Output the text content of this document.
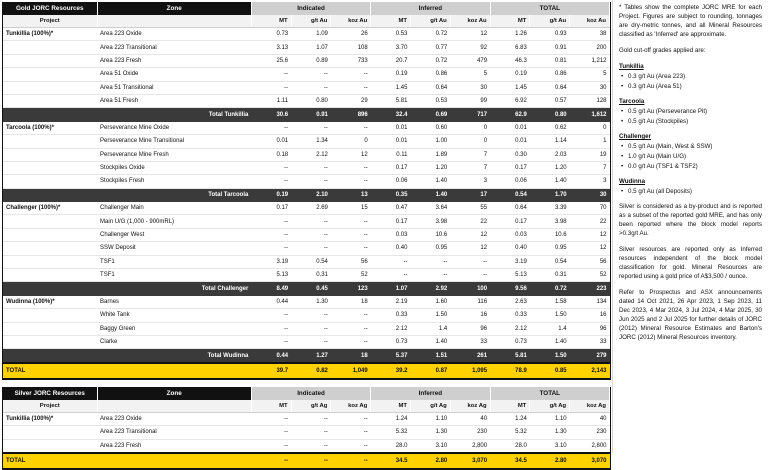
Gold JORC Resources	Zone	Indicated			Inferred			TOTAL		
Project		MT	g/t Au	koz Au	MT	g/t Au	koz Au	MT	g/t Au	koz Au
Tunkillia (100%)*	Area 223 Oxide	0.73	1.09	26	0.53	0.72	12	1.26	0.93	38
	Area 223 Transitional	3.13	1.07	108	3.70	0.77	92	6.83	0.91	200
	Area 223 Fresh	25.6	0.89	733	20.7	0.72	479	46.3	0.81	1,212
	Area 51 Oxide	--	--	--	0.19	0.86	5	0.19	0.86	5
	Area 51 Transitional	--	--	--	1.45	0.64	30	1.45	0.64	30
	Area 51 Fresh	1.11	0.80	29	5.81	0.53	99	6.92	0.57	128
	Total Tunkillia	30.6	0.91	896	32.4	0.69	717	62.9	0.80	1,612
Tarcoola (100%)*	Perseverance Mine Oxide	--	--	--	0.01	0.60	0	0.01	0.62	0
	Perseverance Mine Transitional	0.01	1.34	0	0.01	1.00	0	0.01	1.14	1
	Perseverance Mine Fresh	0.18	2.12	12	0.11	1.89	7	0.30	2.03	19
	Stockpiles Oxide	--	--	--	0.17	1.20	7	0.17	1.20	7
	Stockpiles Fresh	--	--	--	0.06	1.40	3	0.06	1.40	3
	Total Tarcoola	0.19	2.10	13	0.35	1.40	17	0.54	1.70	30
Challenger (100%)*	Challenger Main	0.17	2.69	15	0.47	3.64	55	0.64	3.39	70
	Main U/G (1,000 - 900mRL)	--	--	--	0.17	3.98	22	0.17	3.98	22
	Challenger West	--	--	--	0.03	10.6	12	0.03	10.6	12
	SSW Deposit	--	--	--	0.40	0.95	12	0.40	0.95	12
	TSF1	3.19	0.54	56	--	--	--	3.19	0.54	56
	TSF1	5.13	0.31	52	--	--	--	5.13	0.31	52
	Total Challenger	8.49	0.45	123	1.07	2.92	100	9.56	0.72	223
Wudinna (100%)*	Barnes	0.44	1.30	18	2.19	1.60	116	2.63	1.58	134
	White Tank	--	--	--	0.33	1.50	16	0.33	1.50	16
	Baggy Green	--	--	--	2.12	1.4	96	2.12	1.4	96
	Clarke	--	--	--	0.73	1.40	33	0.73	1.40	33
	Total Wudinna	0.44	1.27	18	5.37	1.51	261	5.81	1.50	279
TOTAL		39.7	0.82	1,049	39.2	0.87	1,095	78.9	0.85	2,143
Silver JORC Resources	Zone	Indicated			Inferred			TOTAL		
Project		MT	g/t Ag	koz Ag	MT	g/t Ag	koz Ag	MT	g/t Ag	koz Ag
Tunkillia (100%)*	Area 223 Oxide	--	--	--	1.24	1.10	40	1.24	1.10	40
	Area 223 Transitional	--	--	--	5.32	1.30	230	5.32	1.30	230
	Area 223 Fresh	--	--	--	28.0	3.10	2,800	28.0	3.10	2,800
TOTAL		--	--	--	34.5	2.80	3,070	34.5	2.80	3,070

* Tables show the complete JORC MRE for each Project. Figures are subject to rounding, tonnages are dry-metric tonnes, and all Mineral Resources classified as 'Inferred' are approximate.

Gold cut-off grades applied are:

Tunkillia

• 0.3 g/t Au (Area 223)
• 0.3 g/t Au (Area 51)

Tarcoola

• 0.5 g/t Au (Perseverance Pit)
• 0.5 g/t Au (Stockpiles)

Challenger

• 0.5 g/t Au (Main, West & SSW)
• 1.0 g/t Au (Main U/G)
• 0.0 g/t Au (TSF1 & TSF2)

Wudinna

• 0.5 g/t Au (all Deposits)

Silver is considered as a by-product and is reported as a subset of the reported gold MRE, and has only been reported where the block model reports >0.3g/t Au.

Silver resources are reported only as Inferred resources independent of the block model classification for gold. Mineral Resources are reported using a gold price of A$3,500 / ounce.

Refer to Prospectus and ASX announcements dated 14 Oct 2021, 26 Apr 2023, 1 Sep 2023, 11 Dec 2023, 4 Mar 2024, 3 Jul 2024, 4 Mar 2025, 30 Jun 2025 and 2 Jul 2025 for further details of JORC (2012) Mineral Resource Estimates and Barton's JORC (2012) Mineral Resources inventory.
